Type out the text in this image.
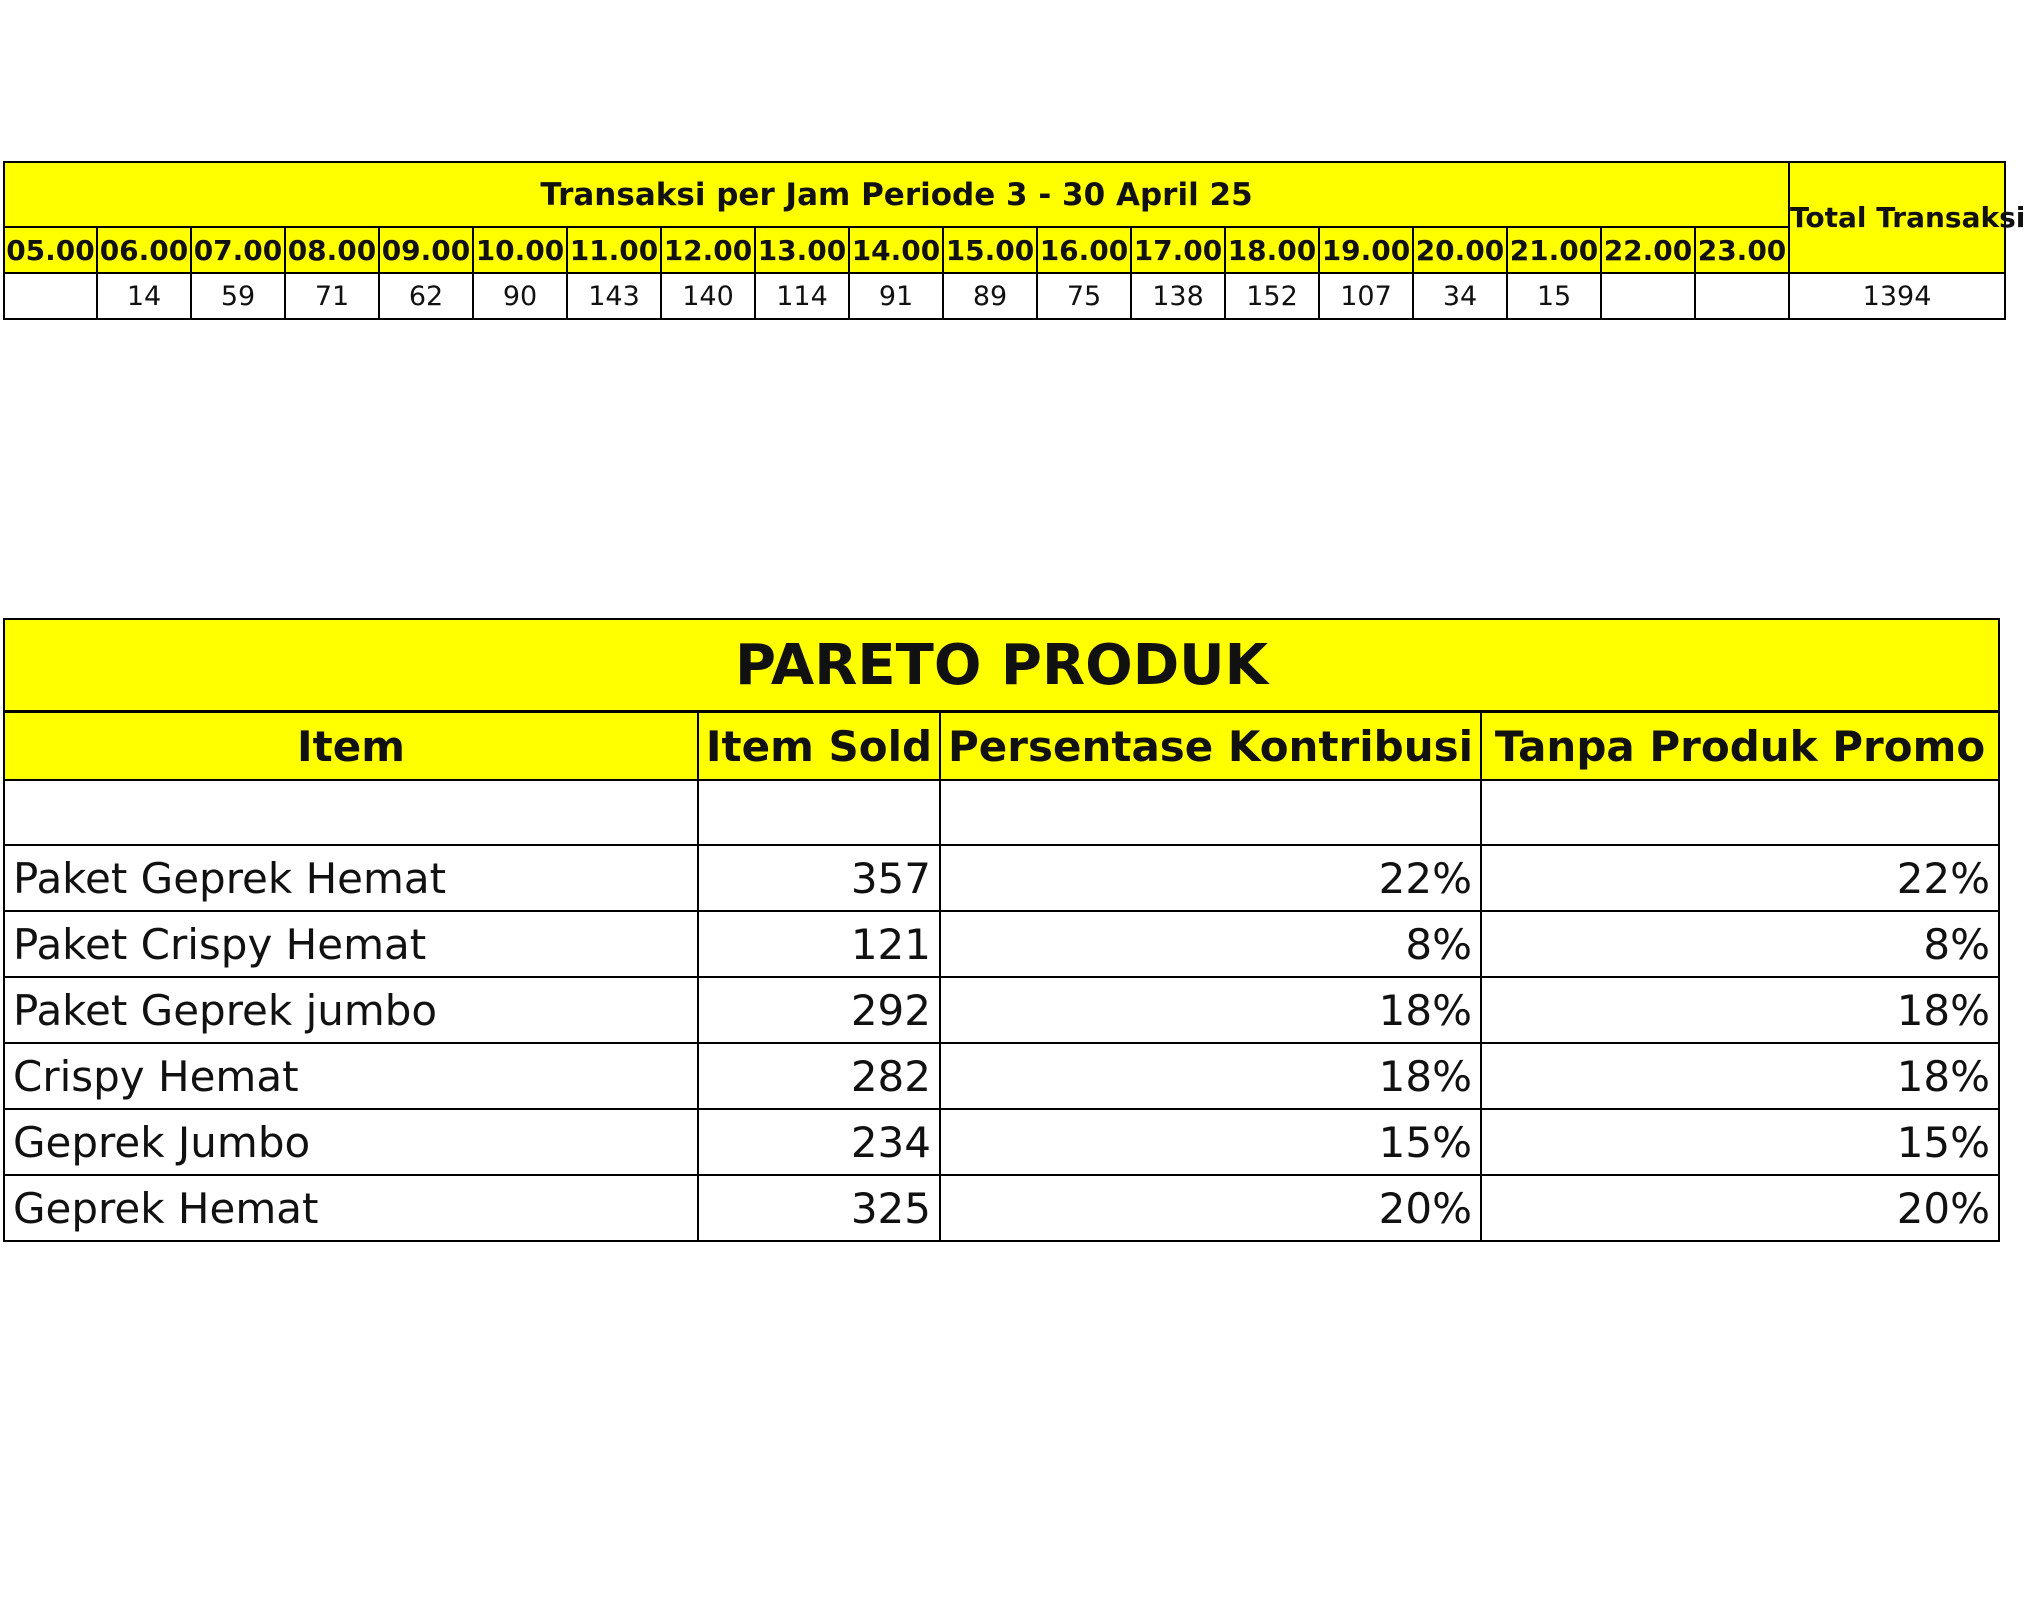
Transaksi per Jam Periode 3 - 30 April 25																			Total Transaksi
05.00	06.00	07.00	08.00	09.00	10.00	11.00	12.00	13.00	14.00	15.00	16.00	17.00	18.00	19.00	20.00	21.00	22.00	23.00	
	14	59	71	62	90	143	140	114	91	89	75	138	152	107	34	15			1394
PARETO PRODUK			
Item	Item Sold	Persentase Kontribusi	Tanpa Produk Promo

Paket Geprek Hemat	357	22%	22%
Paket Crispy Hemat	121	8%	8%
Paket Geprek jumbo	292	18%	18%
Crispy Hemat	282	18%	18%
Geprek Jumbo	234	15%	15%
Geprek Hemat	325	20%	20%
